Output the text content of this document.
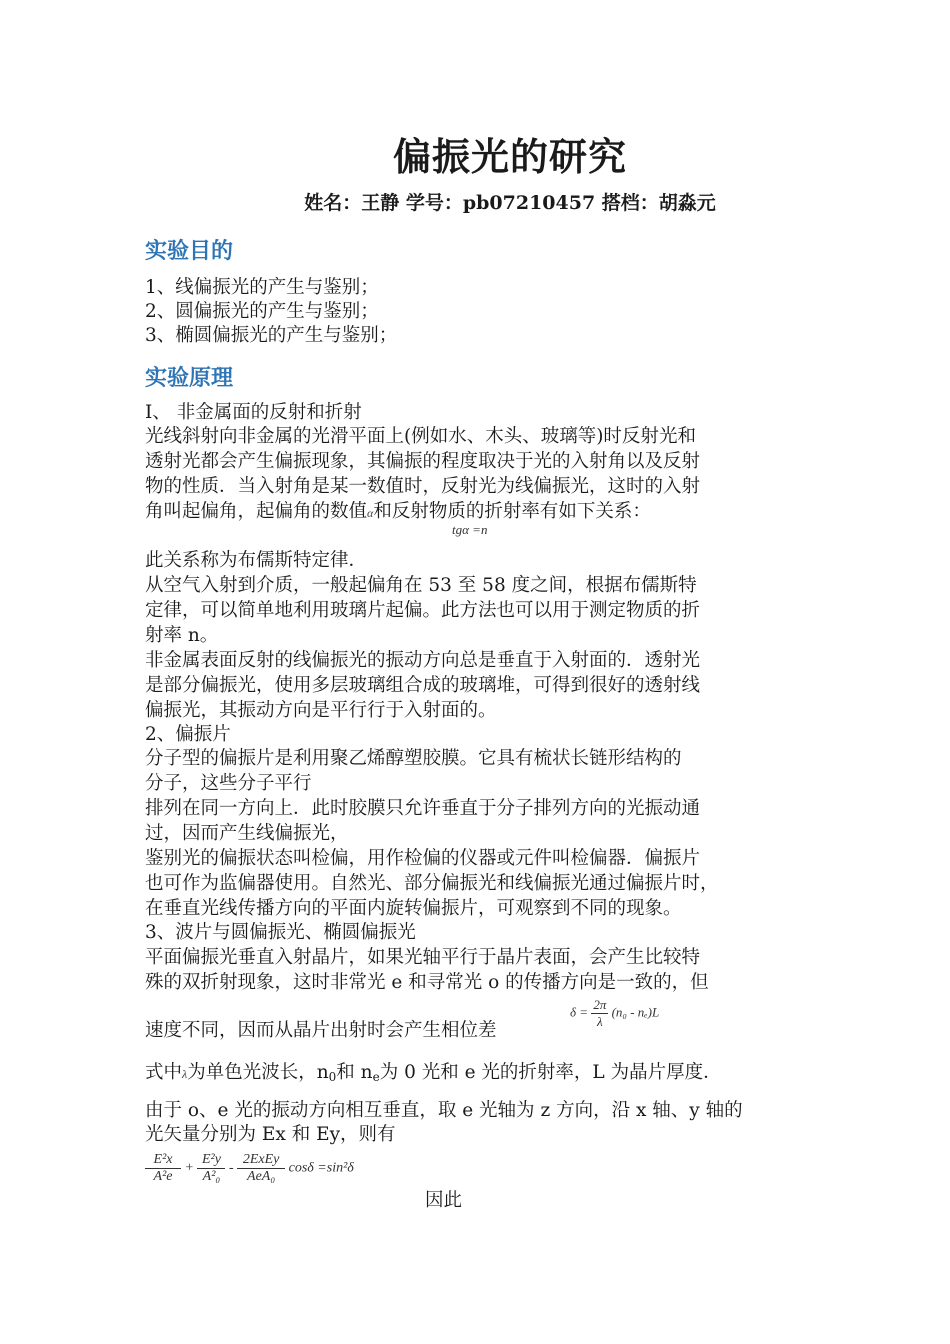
偏振光的研究

姓名：王静 学号：pb07210457 搭档：胡淼元

实验目的

1、线偏振光的产生与鉴别；

2、圆偏振光的产生与鉴别；

3、椭圆偏振光的产生与鉴别；

实验原理

I、 非金属面的反射和折射

光线斜射向非金属的光滑平面上(例如水、木头、玻璃等)时反射光和

透射光都会产生偏振现象，其偏振的程度取决于光的入射角以及反射

物的性质．当入射角是某一数值时，反射光为线偏振光，这时的入射

角叫起偏角，起偏角的数值α和反射物质的折射率有如下关系：

tgα =n

此关系称为布儒斯特定律．

从空气入射到介质，一般起偏角在 53 至 58 度之间，根据布儒斯特

定律，可以简单地利用玻璃片起偏。此方法也可以用于测定物质的折

射率 n。

非金属表面反射的线偏振光的振动方向总是垂直于入射面的．透射光

是部分偏振光，使用多层玻璃组合成的玻璃堆，可得到很好的透射线

偏振光，其振动方向是平行行于入射面的。

2、偏振片

分子型的偏振片是利用聚乙烯醇塑胶膜。它具有梳状长链形结构的

分子，这些分子平行

排列在同一方向上．此时胶膜只允许垂直于分子排列方向的光振动通

过，因而产生线偏振光，

鉴别光的偏振状态叫检偏，用作检偏的仪器或元件叫检偏器．偏振片

也可作为监偏器使用。自然光、部分偏振光和线偏振光通过偏振片时，

在垂直光线传播方向的平面内旋转偏振片，可观察到不同的现象。

3、波片与圆偏振光、椭圆偏振光

平面偏振光垂直入射晶片，如果光轴平行于晶片表面，会产生比较特

殊的双折射现象，这时非常光 e 和寻常光 o 的传播方向是一致的，但

速度不同，因而从晶片出射时会产生相位差

$\delta = \frac{2\pi}{\lambda} (n_0 - n_e)L$

式中λ为单色光波长，$n_0$和 $n_e$为 0 光和 e 光的折射率，L 为晶片厚度．

由于 o、e 光的振动方向相互垂直，取 e 光轴为 z 方向，沿 x 轴、y 轴的

光矢量分别为 Ex 和 Ey，则有

$\frac{\text{E²x}}{\text{A²e}} + \frac{\text{E²y}}{\text{A²₀}} - \frac{\text{2ExEy}}{\text{AeA₀}}$ cosδ =sin²δ

因此
